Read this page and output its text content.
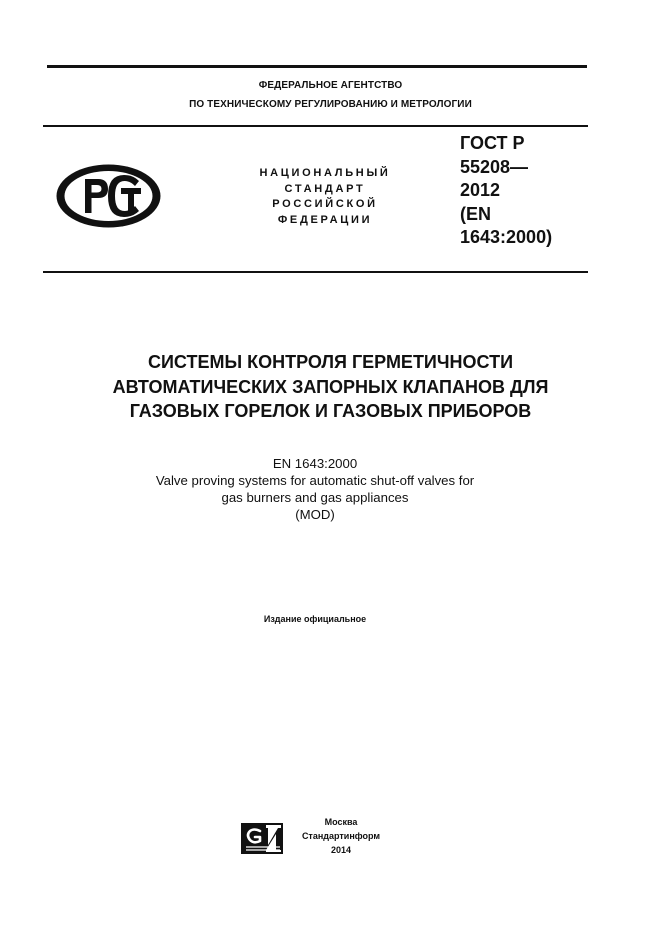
ФЕДЕРАЛЬНОЕ АГЕНТСТВО
ПО ТЕХНИЧЕСКОМУ РЕГУЛИРОВАНИЮ И МЕТРОЛОГИИ
НАЦИОНАЛЬНЫЙ
СТАНДАРТ
РОССИЙСКОЙ
ФЕДЕРАЦИИ
ГОСТ Р
55208—
2012
(EN
1643:2000)
СИСТЕМЫ КОНТРОЛЯ ГЕРМЕТИЧНОСТИ
АВТОМАТИЧЕСКИХ ЗАПОРНЫХ КЛАПАНОВ ДЛЯ
ГАЗОВЫХ ГОРЕЛОК И ГАЗОВЫХ ПРИБОРОВ
EN 1643:2000
Valve proving systems for automatic shut-off valves for
gas burners and gas appliances
(MOD)
Издание официальное
Москва
Стандартинформ
2014
